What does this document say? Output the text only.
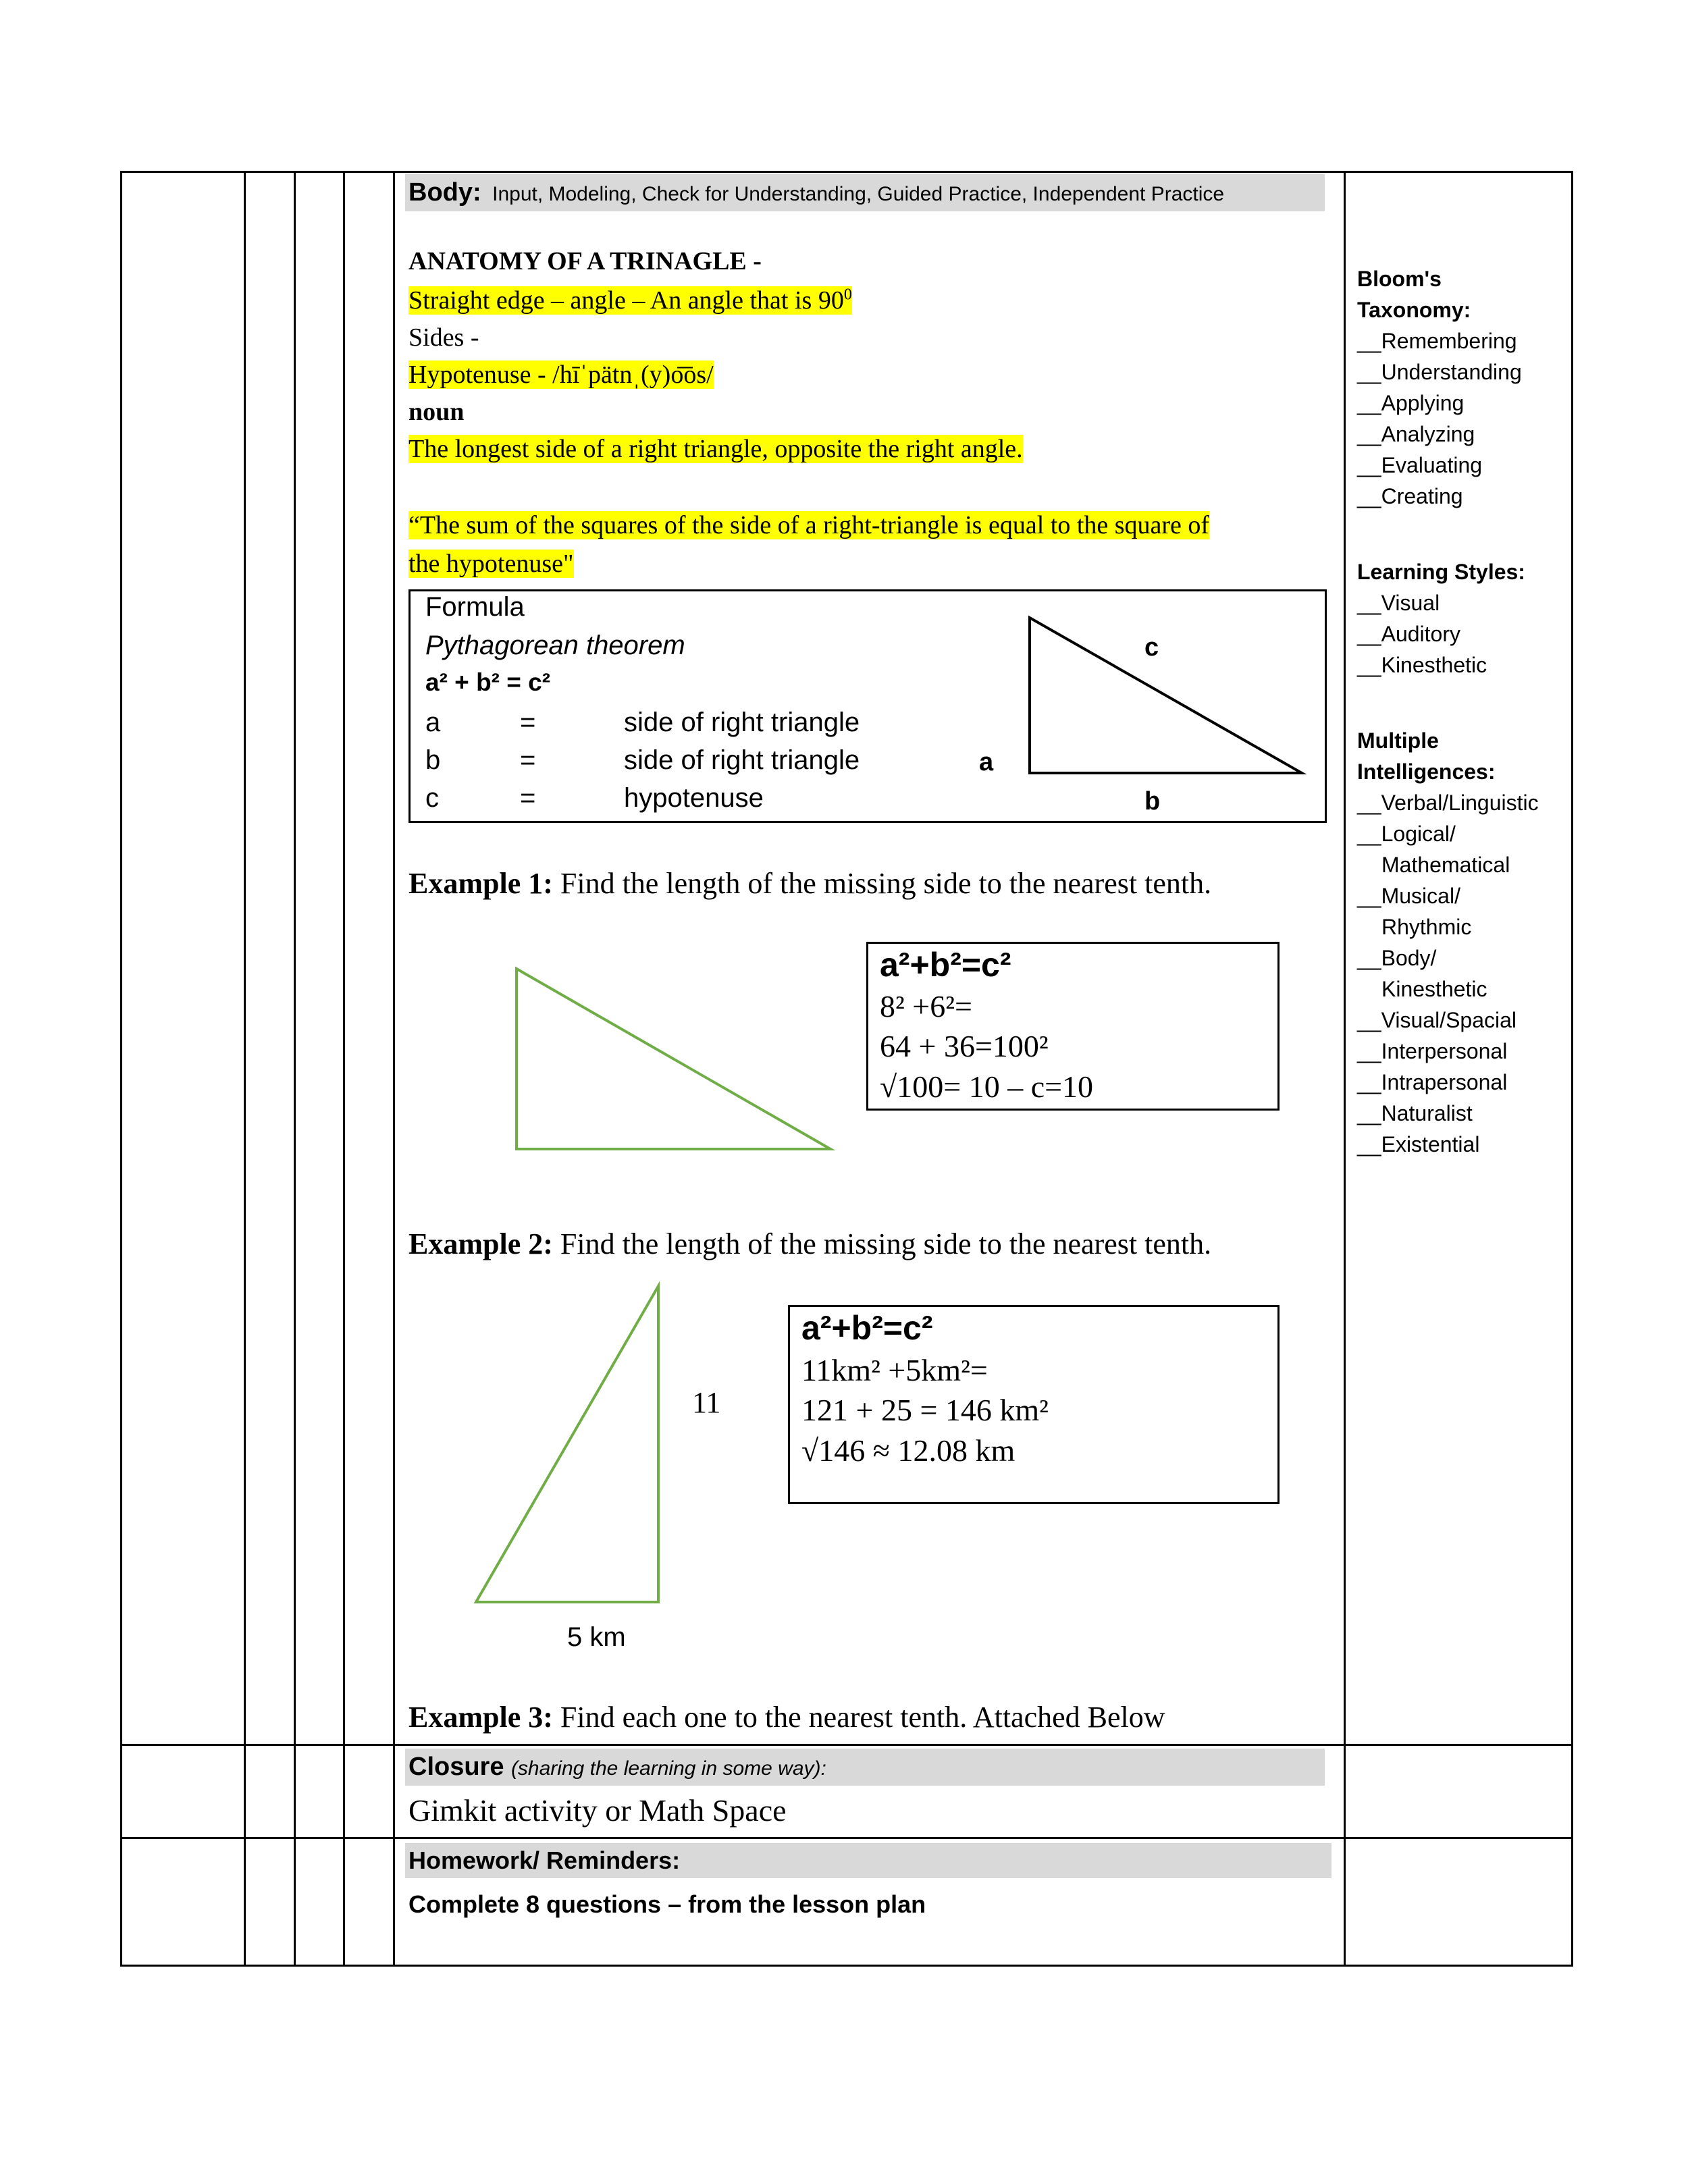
Body: Input, Modeling, Check for Understanding, Guided Practice, Independent Practice
ANATOMY OF A TRINAGLE -
Straight edge – angle – An angle that is $90^0$
Sides -
Hypotenuse - /hīˈpätnˌ(y)o͞os/
noun
The longest side of a right triangle, opposite the right angle.
“The sum of the squares of the side of a right-triangle is equal to the square of
the hypotenuse"
Formula
Pythagorean theorem
a² + b² = c²
a	=	side of right triangle
b	=	side of right triangle
c	=	hypotenuse
c
a
b
Example 1: Find the length of the missing side to the nearest tenth.
a²+b²=c²
8² +6²=
64 + 36=100²
√100= 10 – c=10
Example 2: Find the length of the missing side to the nearest tenth.
11
5 km
a²+b²=c²
11km² +5km²=
121 + 25 = 146 km²
√146 ≈ 12.08 km
Example 3: Find each one to the nearest tenth. Attached Below
Closure (sharing the learning in some way):
Gimkit activity or Math Space
Homework/ Reminders:
Complete 8 questions – from the lesson plan
Bloom's Taxonomy:
__Remembering
__Understanding
__Applying
__Analyzing
__Evaluating
__Creating
Learning Styles:
__Visual
__Auditory
__Kinesthetic
Multiple Intelligences:
__Verbal/Linguistic
__Logical/
Mathematical
__Musical/
Rhythmic
__Body/
Kinesthetic
__Visual/Spacial
__Interpersonal
__Intrapersonal
__Naturalist
__Existential
